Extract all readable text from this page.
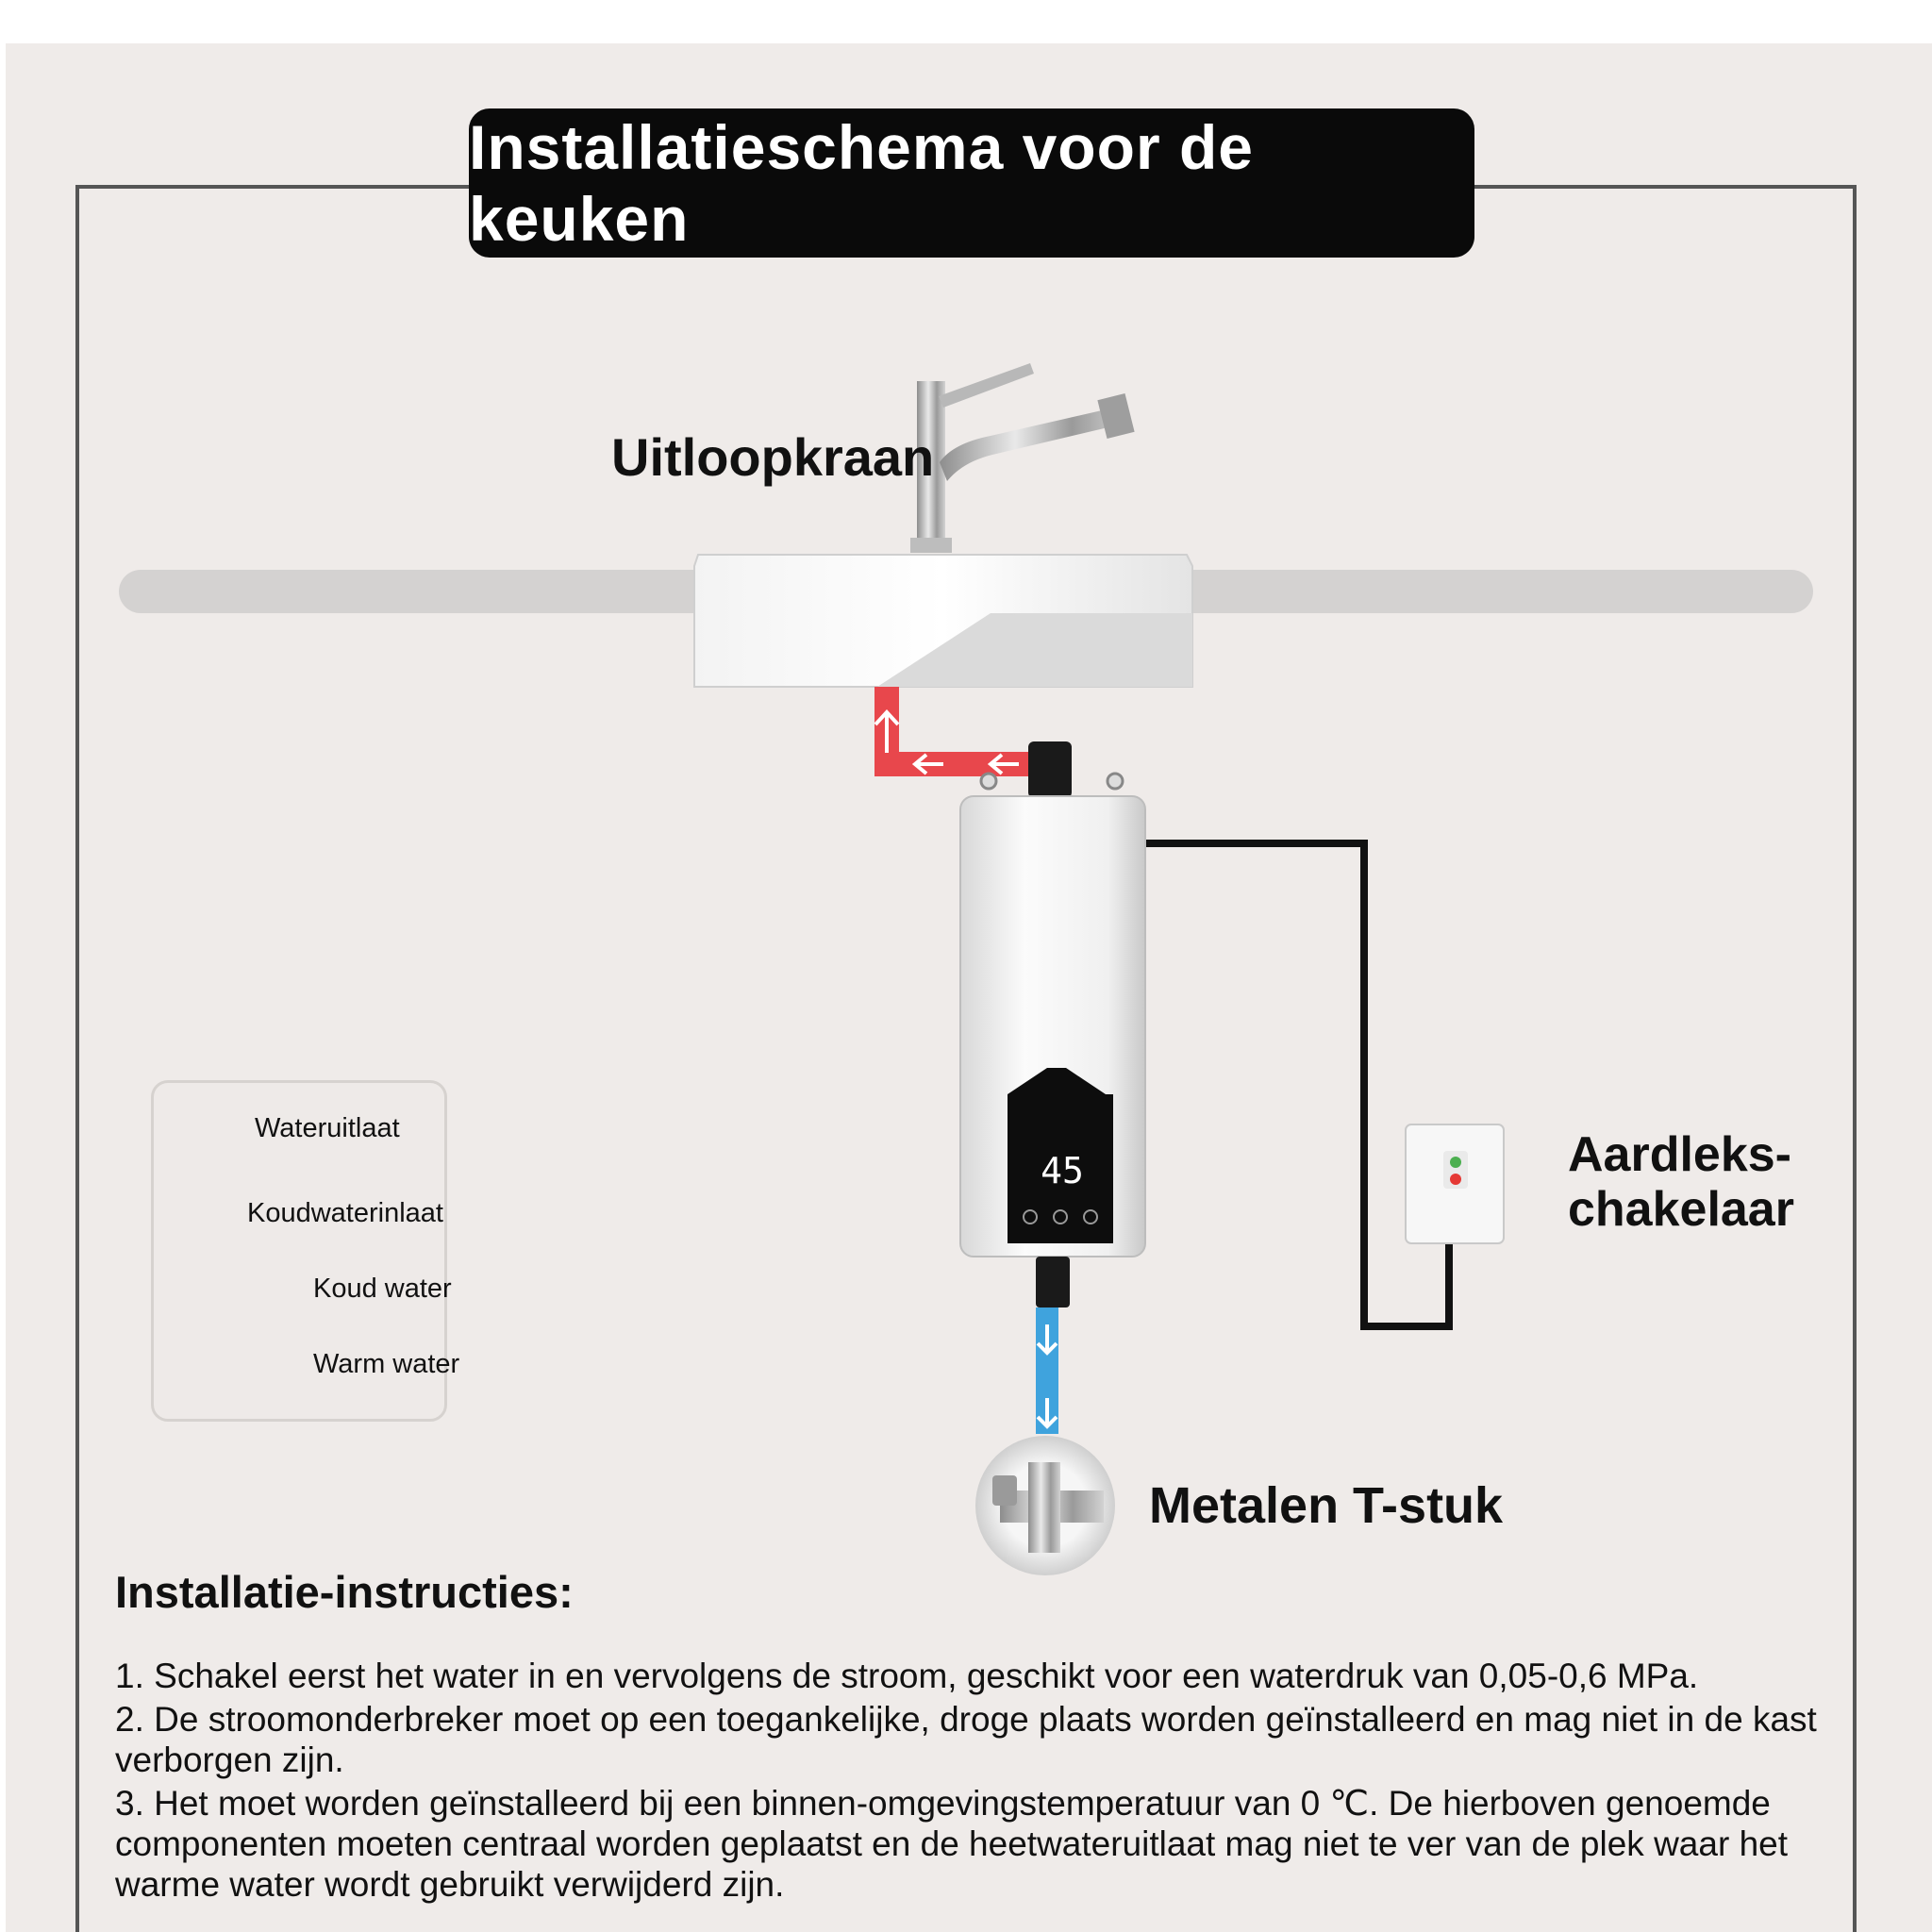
Installatieschema voor de keuken

45
Uitloopkraan
Aardleks-
chakelaar
Metalen T-stuk
Wateruitlaat
Koudwaterinlaat
Koud water
Warm water
Installatie-instructies:

1. Schakel eerst het water in en vervolgens de stroom, geschikt voor een waterdruk van 0,05-0,6 MPa.

2. De stroomonderbreker moet op een toegankelijke, droge plaats worden geïnstalleerd en mag niet in de kast verborgen zijn.

3. Het moet worden geïnstalleerd bij een binnen-omgevingstemperatuur van 0 ℃. De hierboven genoemde componenten moeten centraal worden geplaatst en de heetwateruitlaat mag niet te ver van de plek waar het warme water wordt gebruikt verwijderd zijn.
